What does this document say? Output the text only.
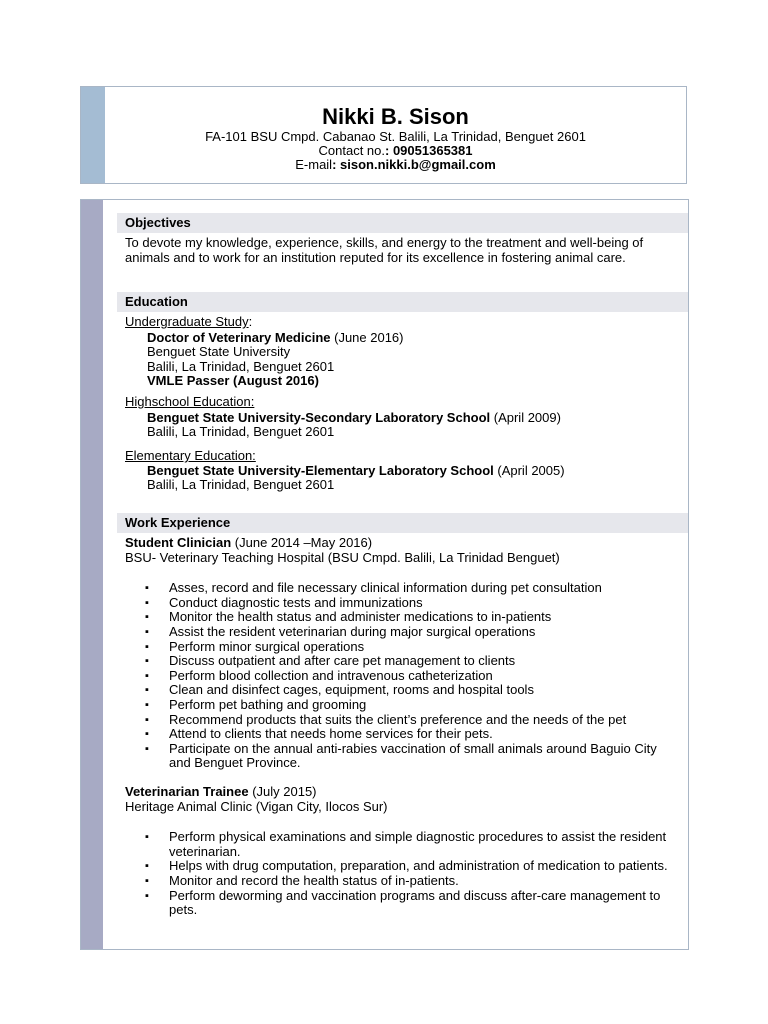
Nikki B. Sison
FA-101 BSU Cmpd. Cabanao St. Balili, La Trinidad, Benguet 2601
Contact no.: 09051365381
E-mail: sison.nikki.b@gmail.com
Objectives
To devote my knowledge, experience, skills, and energy to the treatment and well-being of animals and to work for an institution reputed for its excellence in fostering animal care.
Education
Undergraduate Study:
Doctor of Veterinary Medicine (June 2016)
Benguet State University
Balili, La Trinidad, Benguet 2601
VMLE Passer (August 2016)
Highschool Education:
Benguet State University-Secondary Laboratory School (April 2009)
Balili, La Trinidad, Benguet 2601
Elementary Education:
Benguet State University-Elementary Laboratory School (April 2005)
Balili, La Trinidad, Benguet 2601
Work Experience
Student Clinician (June 2014 –May 2016)
BSU- Veterinary Teaching Hospital (BSU Cmpd. Balili, La Trinidad Benguet)
▪ Asses, record and file necessary clinical information during pet consultation
▪ Conduct diagnostic tests and immunizations
▪ Monitor the health status and administer medications to in-patients
▪ Assist the resident veterinarian during major surgical operations
▪ Perform minor surgical operations
▪ Discuss outpatient and after care pet management to clients
▪ Perform blood collection and intravenous catheterization
▪ Clean and disinfect cages, equipment, rooms and hospital tools
▪ Perform pet bathing and grooming
▪ Recommend products that suits the client’s preference and the needs of the pet
▪ Attend to clients that needs home services for their pets.
▪ Participate on the annual anti-rabies vaccination of small animals around Baguio City and Benguet Province.
Veterinarian Trainee (July 2015)
Heritage Animal Clinic (Vigan City, Ilocos Sur)
▪ Perform physical examinations and simple diagnostic procedures to assist the resident veterinarian.
▪ Helps with drug computation, preparation, and administration of medication to patients.
▪ Monitor and record the health status of in-patients.
▪ Perform deworming and vaccination programs and discuss after-care management to pets.
